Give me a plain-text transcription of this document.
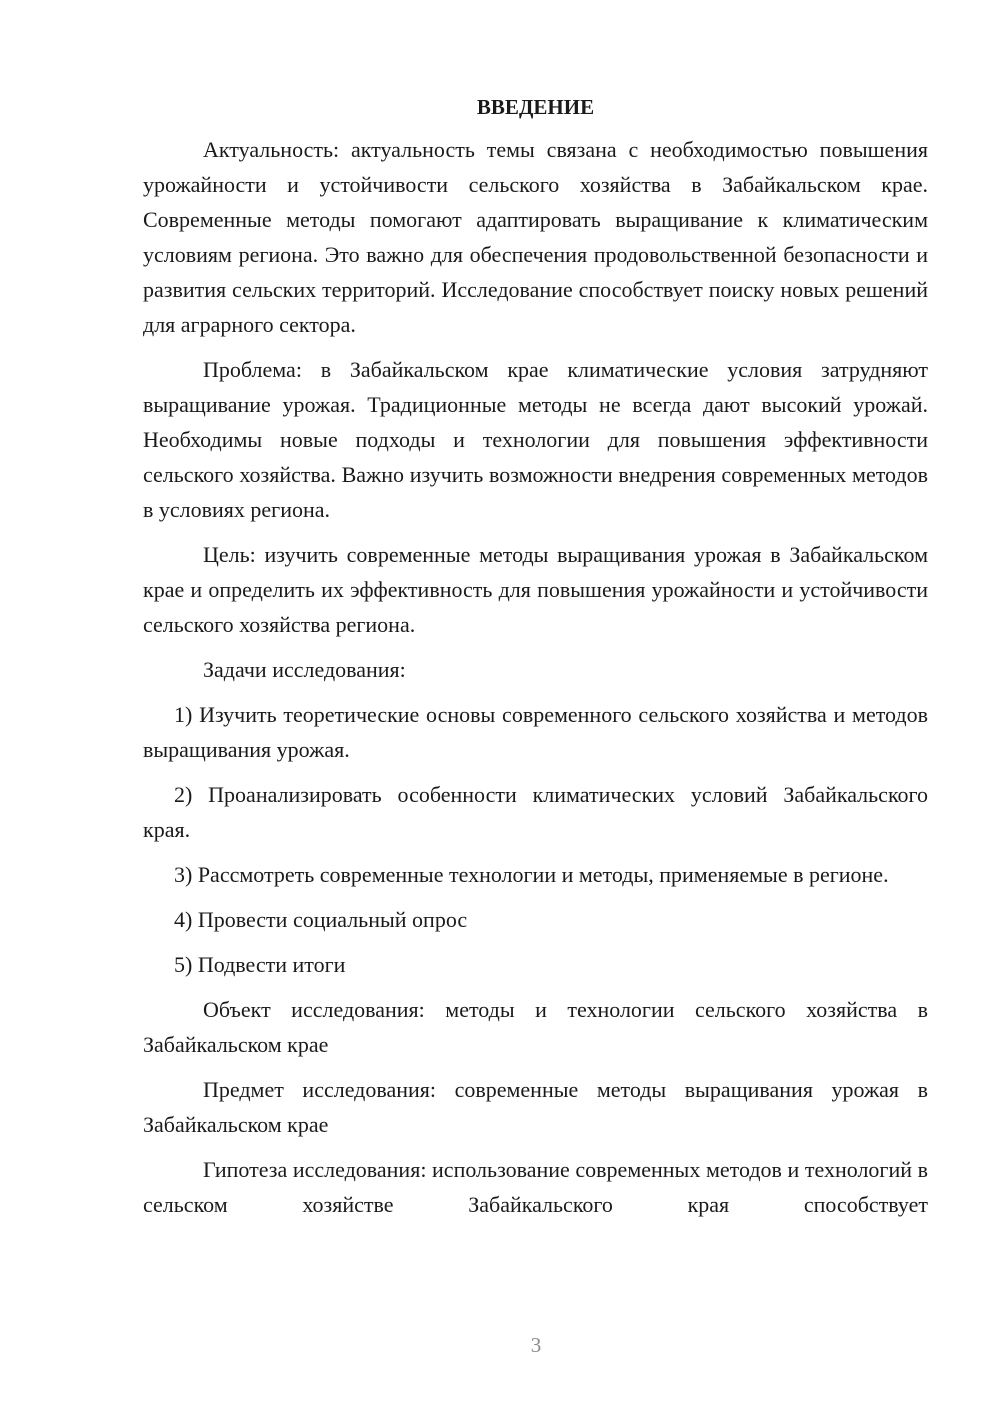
ВВЕДЕНИЕ

Актуальность: актуальность темы связана с необходимостью повышения урожайности и устойчивости сельского хозяйства в Забайкальском крае. Современные методы помогают адаптировать выращивание к климатическим условиям региона. Это важно для обеспечения продовольственной безопасности и развития сельских территорий. Исследование способствует поиску новых решений для аграрного сектора.

Проблема: в Забайкальском крае климатические условия затрудняют выращивание урожая. Традиционные методы не всегда дают высокий урожай. Необходимы новые подходы и технологии для повышения эффективности сельского хозяйства. Важно изучить возможности внедрения современных методов в условиях региона.

Цель: изучить современные методы выращивания урожая в Забайкальском крае и определить их эффективность для повышения урожайности и устойчивости сельского хозяйства региона.

Задачи исследования:

1) Изучить теоретические основы современного сельского хозяйства и методов выращивания урожая.

2) Проанализировать особенности климатических условий Забайкальского края.

3) Рассмотреть современные технологии и методы, применяемые в регионе.

4) Провести социальный опрос

5) Подвести итоги

Объект исследования: методы и технологии сельского хозяйства в Забайкальском крае

Предмет исследования: современные методы выращивания урожая в Забайкальском крае

Гипотеза исследования: использование современных методов и технологий в сельском хозяйстве Забайкальского края способствует

3
